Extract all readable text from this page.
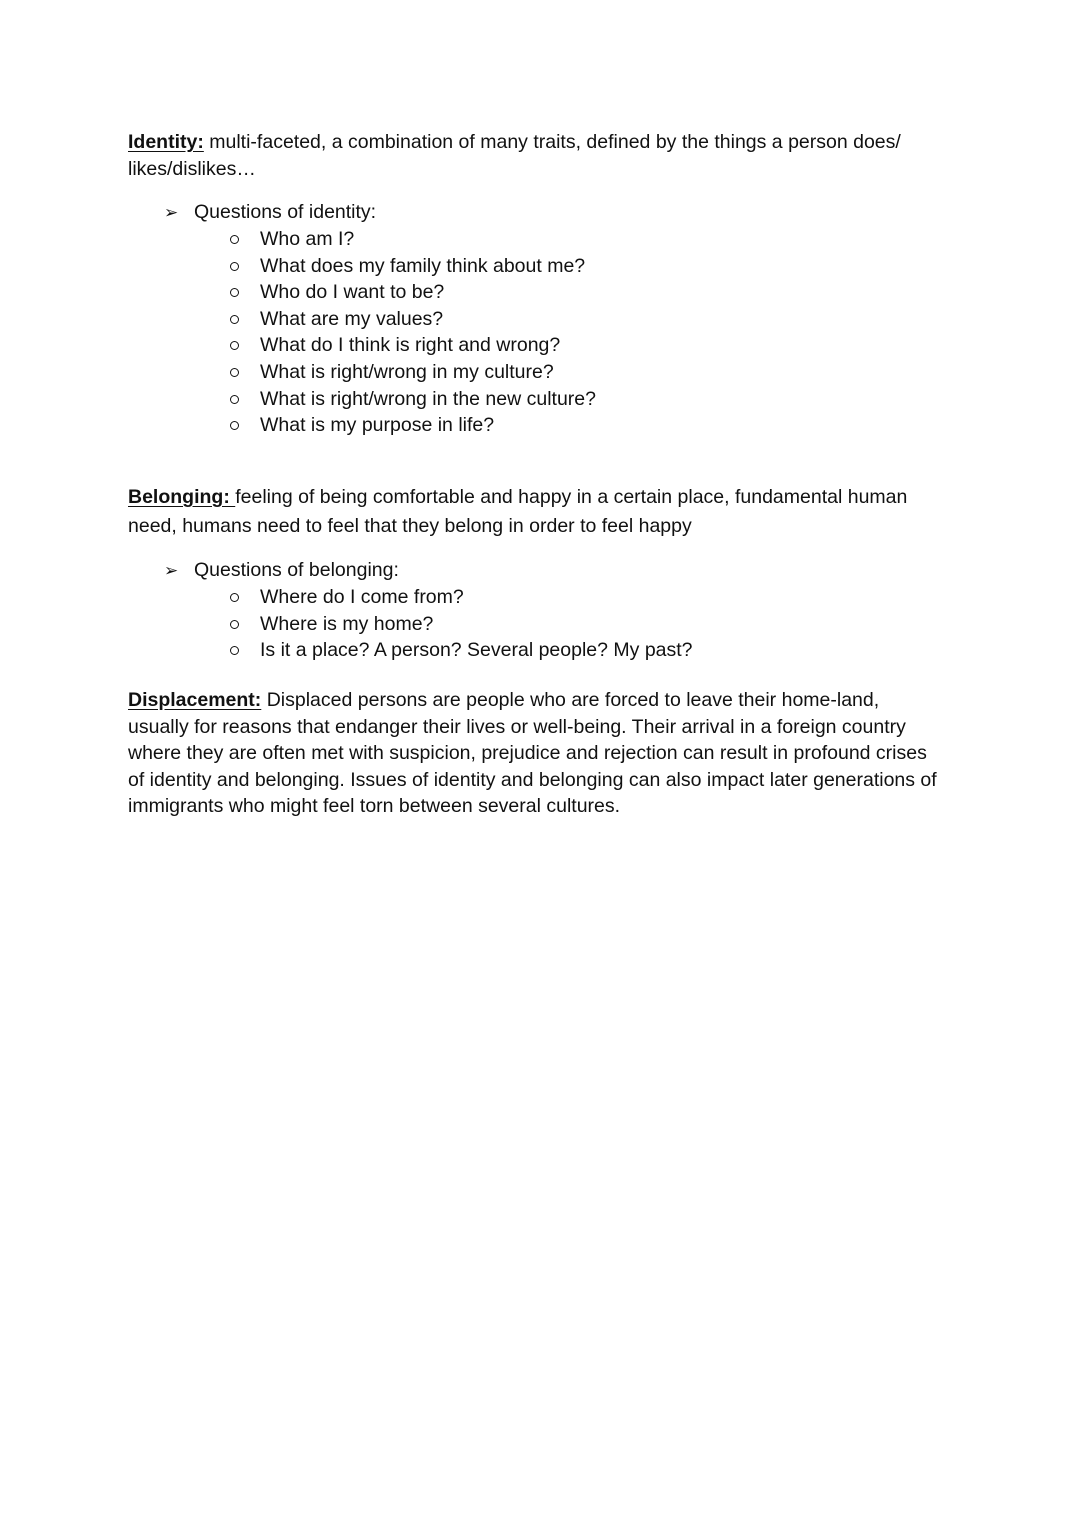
Identity: multi-faceted, a combination of many traits, defined by the things a person does/ likes/dislikes…

➢ Questions of identity:
Who am I?
What does my family think about me?
Who do I want to be?
What are my values?
What do I think is right and wrong?
What is right/wrong in my culture?
What is right/wrong in the new culture?
What is my purpose in life?

Belonging: feeling of being comfortable and happy in a certain place, fundamental human need, humans need to feel that they belong in order to feel happy

➢ Questions of belonging:
Where do I come from?
Where is my home?
Is it a place? A person? Several people? My past?

Displacement: Displaced persons are people who are forced to leave their home-land, usually for reasons that endanger their lives or well-being. Their arrival in a foreign country where they are often met with suspicion, prejudice and rejection can result in profound crises of identity and belonging. Issues of identity and belonging can also impact later generations of immigrants who might feel torn between several cultures.
